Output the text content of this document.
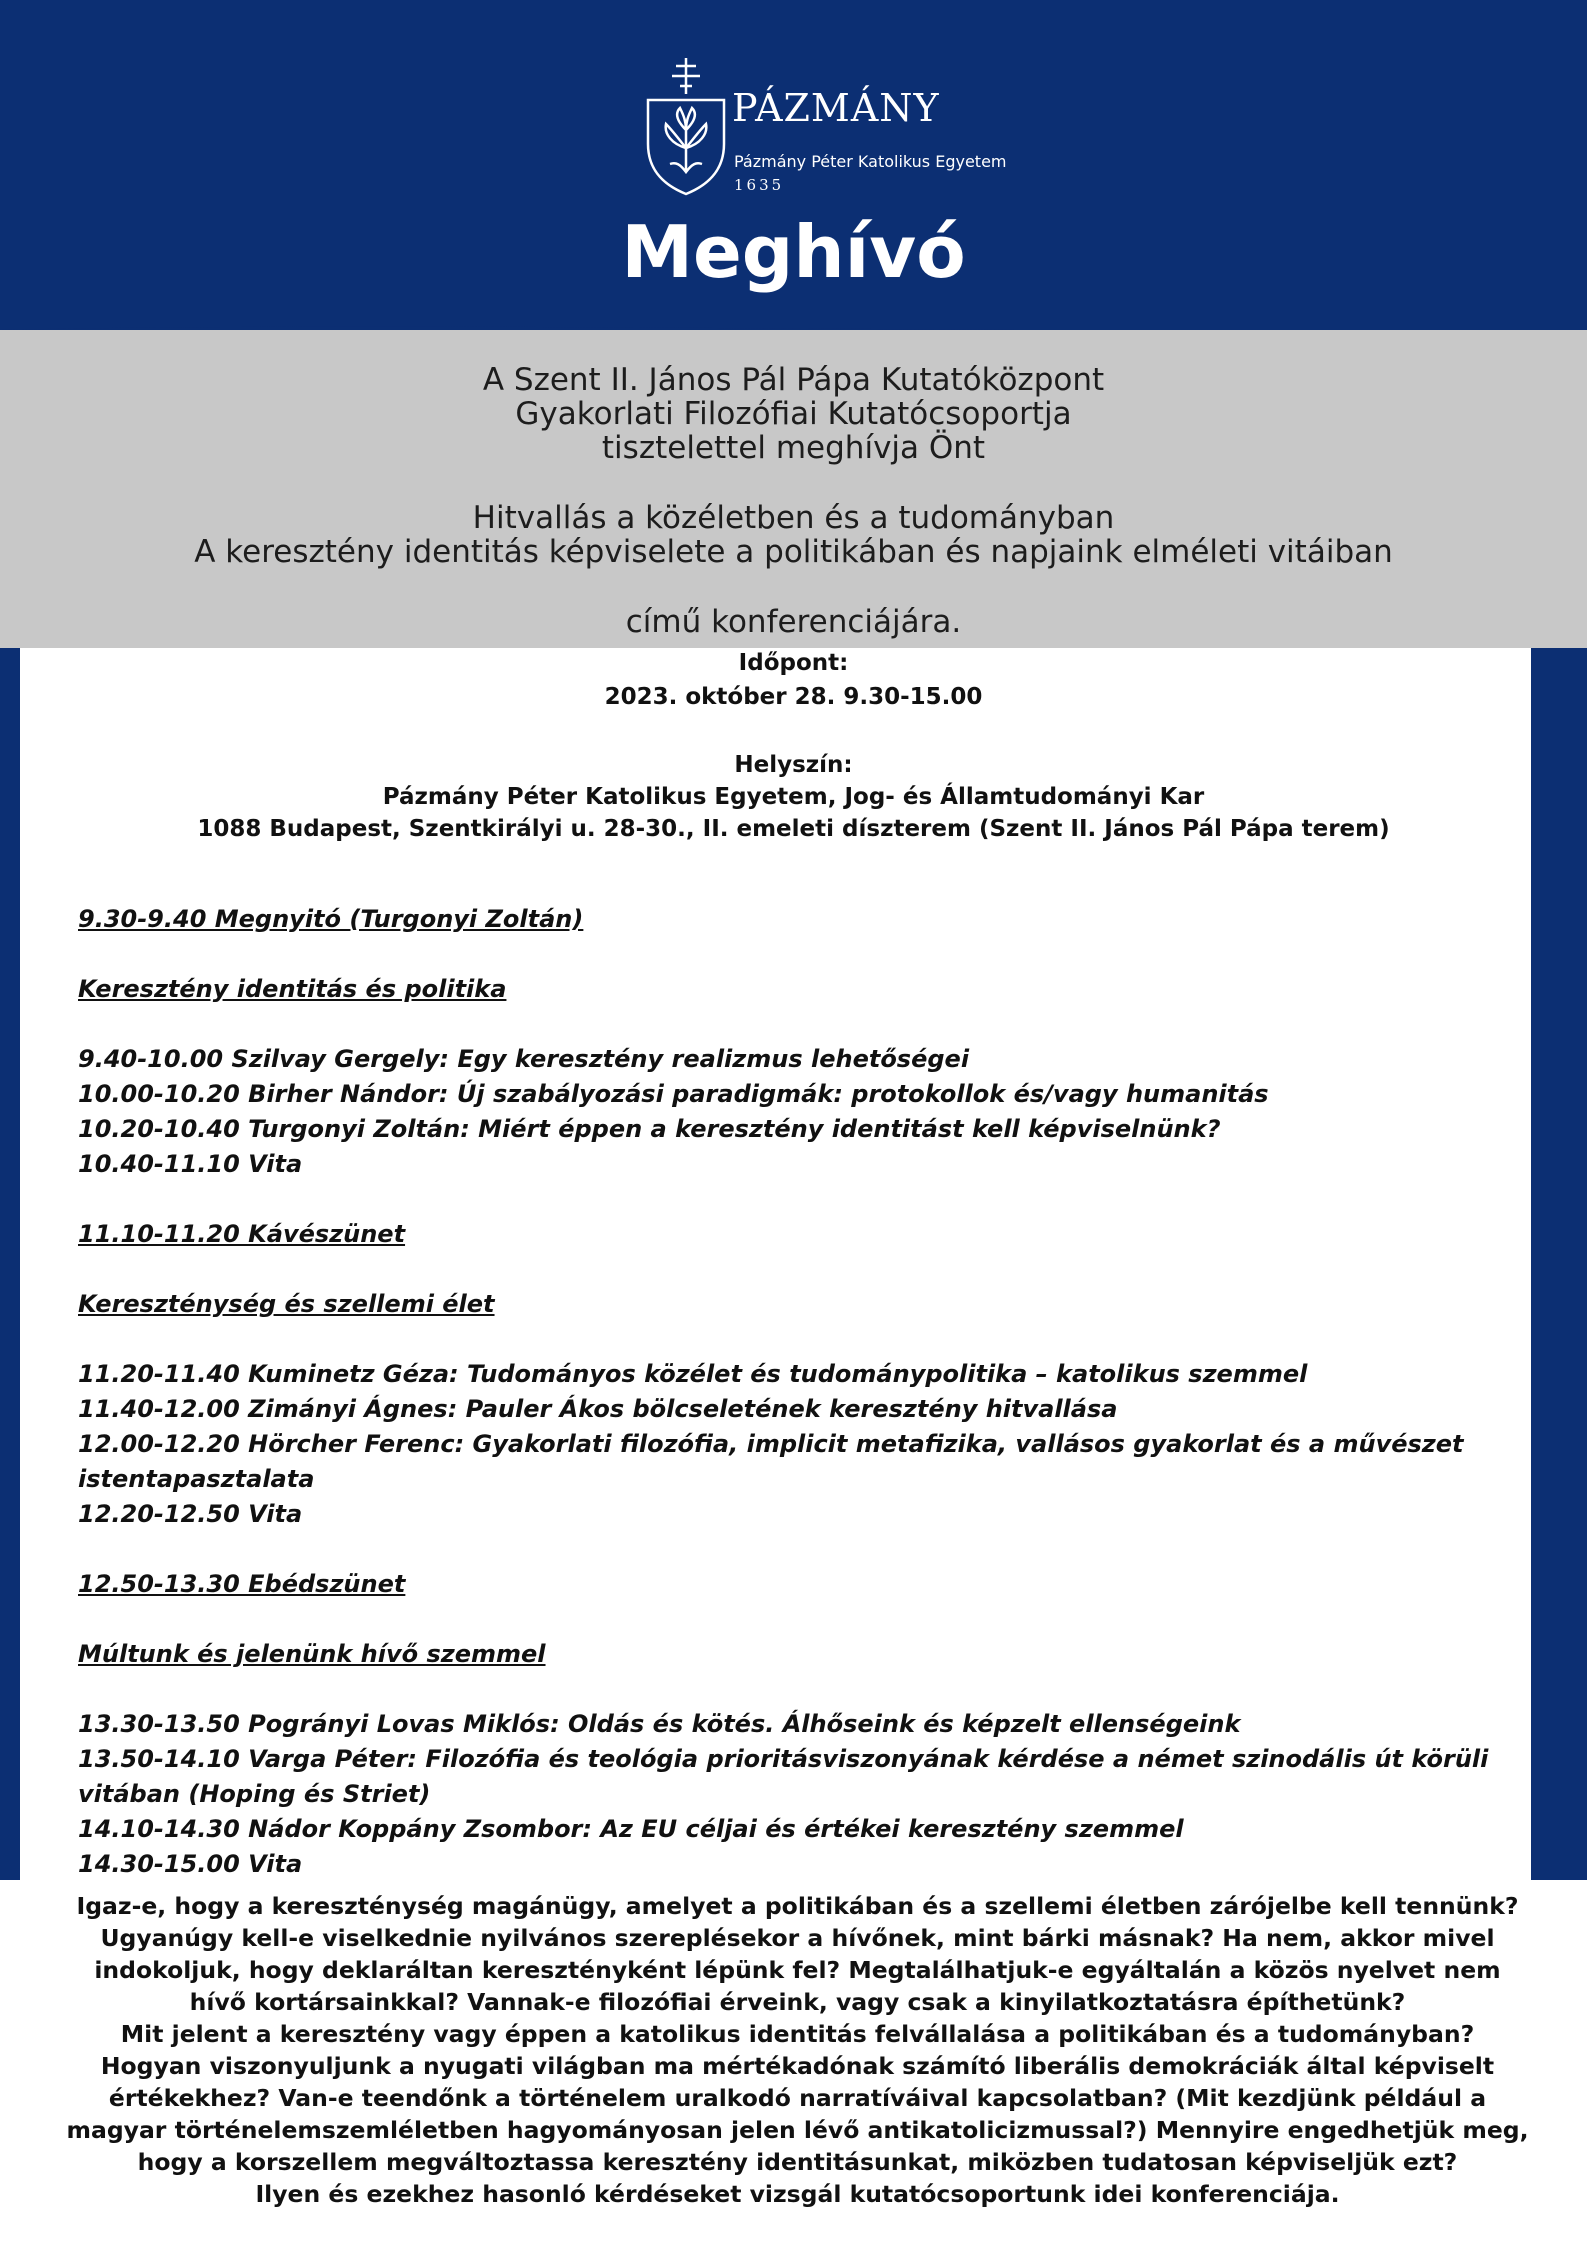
PÁZMÁNY
Pázmány Péter Katolikus Egyetem
1635
Meghívó
A Szent II. János Pál Pápa Kutatóközpont
Gyakorlati Filozófiai Kutatócsoportja
tisztelettel meghívja Önt
Hitvallás a közéletben és a tudományban
A keresztény identitás képviselete a politikában és napjaink elméleti vitáiban
című konferenciájára.
Időpont:
2023. október 28. 9.30-15.00
Helyszín:
Pázmány Péter Katolikus Egyetem, Jog- és Államtudományi Kar
1088 Budapest, Szentkirályi u. 28-30., II. emeleti díszterem (Szent II. János Pál Pápa terem)
9.30-9.40 Megnyitó (Turgonyi Zoltán)
Keresztény identitás és politika
9.40-10.00 Szilvay Gergely: Egy keresztény realizmus lehetőségei
10.00-10.20 Birher Nándor: Új szabályozási paradigmák: protokollok és/vagy humanitás
10.20-10.40 Turgonyi Zoltán: Miért éppen a keresztény identitást kell képviselnünk?
10.40-11.10 Vita
11.10-11.20 Kávészünet
Kereszténység és szellemi élet
11.20-11.40 Kuminetz Géza: Tudományos közélet és tudománypolitika – katolikus szemmel
11.40-12.00 Zimányi Ágnes: Pauler Ákos bölcseletének keresztény hitvallása
12.00-12.20 Hörcher Ferenc: Gyakorlati filozófia, implicit metafizika, vallásos gyakorlat és a művészet
istentapasztalata
12.20-12.50 Vita
12.50-13.30 Ebédszünet
Múltunk és jelenünk hívő szemmel
13.30-13.50 Pogrányi Lovas Miklós: Oldás és kötés. Álhőseink és képzelt ellenségeink
13.50-14.10 Varga Péter: Filozófia és teológia prioritásviszonyának kérdése a német szinodális út körüli
vitában (Hoping és Striet)
14.10-14.30 Nádor Koppány Zsombor: Az EU céljai és értékei keresztény szemmel
14.30-15.00 Vita
Igaz-e, hogy a kereszténység magánügy, amelyet a politikában és a szellemi életben zárójelbe kell tennünk?
Ugyanúgy kell-e viselkednie nyilvános szereplésekor a hívőnek, mint bárki másnak? Ha nem, akkor mivel
indokoljuk, hogy deklaráltan keresztényként lépünk fel? Megtalálhatjuk-e egyáltalán a közös nyelvet nem
hívő kortársainkkal? Vannak-e filozófiai érveink, vagy csak a kinyilatkoztatásra építhetünk?
Mit jelent a keresztény vagy éppen a katolikus identitás felvállalása a politikában és a tudományban?
Hogyan viszonyuljunk a nyugati világban ma mértékadónak számító liberális demokráciák által képviselt
értékekhez? Van-e teendőnk a történelem uralkodó narratíváival kapcsolatban? (Mit kezdjünk például a
magyar történelemszemléletben hagyományosan jelen lévő antikatolicizmussal?) Mennyire engedhetjük meg,
hogy a korszellem megváltoztassa keresztény identitásunkat, miközben tudatosan képviseljük ezt?
Ilyen és ezekhez hasonló kérdéseket vizsgál kutatócsoportunk idei konferenciája.
